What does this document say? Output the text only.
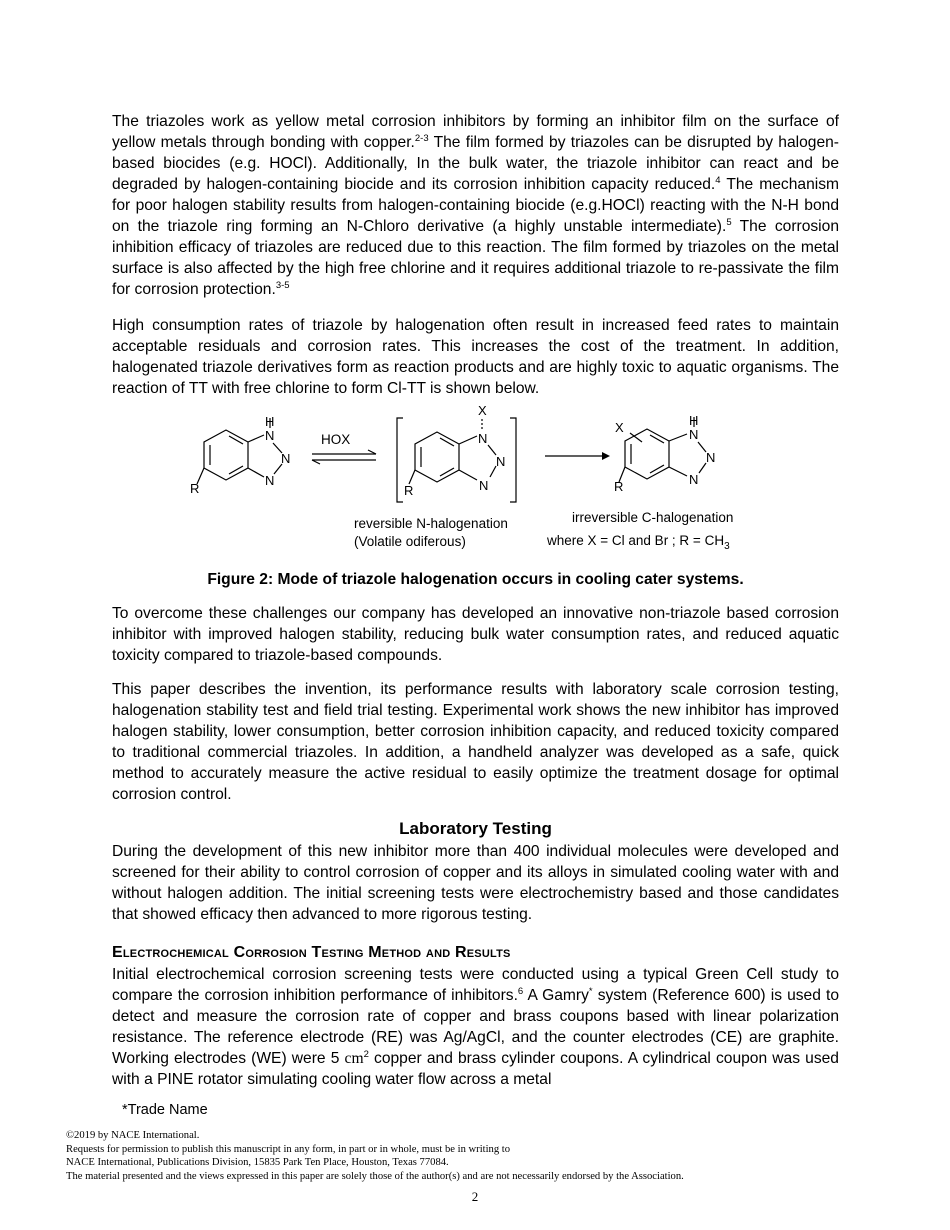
The triazoles work as yellow metal corrosion inhibitors by forming an inhibitor film on the surface of yellow metals through bonding with copper.$^{2-3}$ The film formed by triazoles can be disrupted by halogen-based biocides (e.g. HOCl). Additionally, In the bulk water, the triazole inhibitor can react and be degraded by halogen-containing biocide and its corrosion inhibition capacity reduced.$^4$ The mechanism for poor halogen stability results from halogen-containing biocide (e.g.HOCl) reacting with the N-H bond on the triazole ring forming an N-Chloro derivative (a highly unstable intermediate).$^5$ The corrosion inhibition efficacy of triazoles are reduced due to this reaction. The film formed by triazoles on the metal surface is also affected by the high free chlorine and it requires additional triazole to re-passivate the film for corrosion protection.$^{3-5}$

High consumption rates of triazole by halogenation often result in increased feed rates to maintain acceptable residuals and corrosion rates. This increases the cost of the treatment. In addition, halogenated triazole derivatives form as reaction products and are highly toxic to aquatic organisms. The reaction of TT with free chlorine to form Cl-TT is shown below.

H
N
N
N
R
HOX
X
N
N
N
R
H
N
N
N
X
R
reversible N-halogenation
(Volatile odiferous)
irreversible C-halogenation
where X = Cl and Br ; $R = CH_3$

Figure 2: Mode of triazole halogenation occurs in cooling cater systems.

To overcome these challenges our company has developed an innovative non-triazole based corrosion inhibitor with improved halogen stability, reducing bulk water consumption rates, and reduced aquatic toxicity compared to triazole-based compounds.

This paper describes the invention, its performance results with laboratory scale corrosion testing, halogenation stability test and field trial testing. Experimental work shows the new inhibitor has improved halogen stability, lower consumption, better corrosion inhibition capacity, and reduced toxicity compared to traditional commercial triazoles. In addition, a handheld analyzer was developed as a safe, quick method to accurately measure the active residual to easily optimize the treatment dosage for optimal corrosion control.

Laboratory Testing

During the development of this new inhibitor more than 400 individual molecules were developed and screened for their ability to control corrosion of copper and its alloys in simulated cooling water with and without halogen addition. The initial screening tests were electrochemistry based and those candidates that showed efficacy then advanced to more rigorous testing.

Electrochemical Corrosion Testing Method and Results

Initial electrochemical corrosion screening tests were conducted using a typical Green Cell study to compare the corrosion inhibition performance of inhibitors.$^6$ A Gamry* system (Reference 600) is used to detect and measure the corrosion rate of copper and brass coupons based with linear polarization resistance. The reference electrode (RE) was Ag/AgCl, and the counter electrodes (CE) are graphite. Working electrodes (WE) were 5 $cm^2$ copper and brass cylinder coupons. A cylindrical coupon was used with a PINE rotator simulating cooling water flow across a metal

*Trade Name

©2019 by NACE International.
Requests for permission to publish this manuscript in any form, in part or in whole, must be in writing to
NACE International, Publications Division, 15835 Park Ten Place, Houston, Texas 77084.
The material presented and the views expressed in this paper are solely those of the author(s) and are not necessarily endorsed by the Association.

2
